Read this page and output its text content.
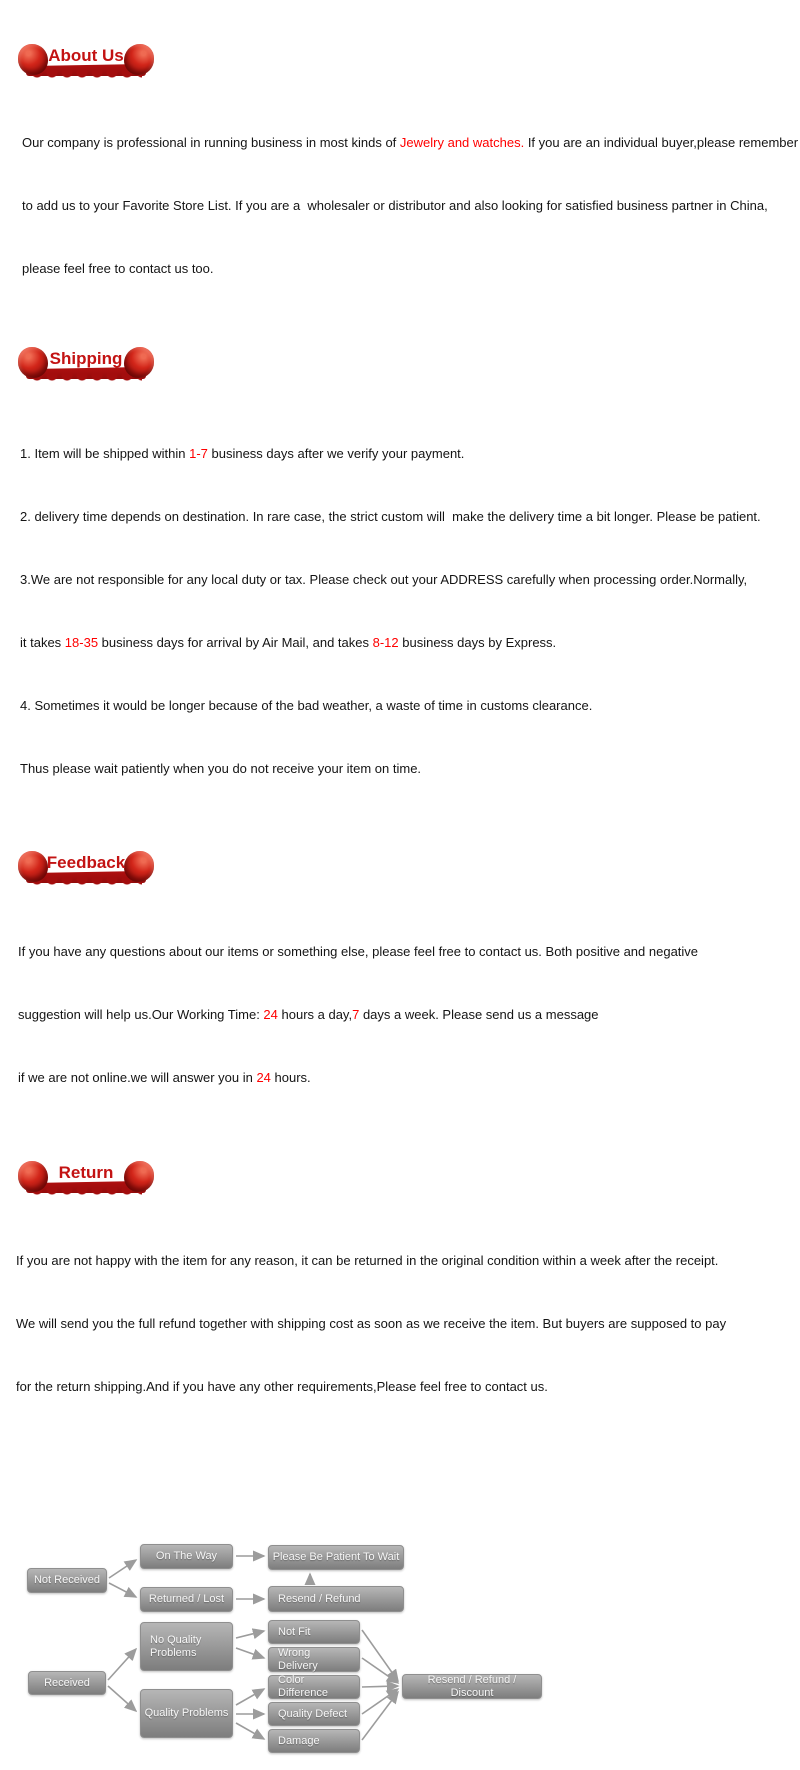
About Us

Our company is professional in running business in most kinds of Jewelry and watches. If you are an individual buyer,please remember

to add us to your Favorite Store List. If you are a  wholesaler or distributor and also looking for satisfied business partner in China,

please feel free to contact us too.

Shipping

1. Item will be shipped within 1-7 business days after we verify your payment.

2. delivery time depends on destination. In rare case, the strict custom will  make the delivery time a bit longer. Please be patient.

3.We are not responsible for any local duty or tax. Please check out your ADDRESS carefully when processing order.Normally,

it takes 18-35 business days for arrival by Air Mail, and takes 8-12 business days by Express.

4. Sometimes it would be longer because of the bad weather, a waste of time in customs clearance.

Thus please wait patiently when you do not receive your item on time.

Feedback

If you have any questions about our items or something else, please feel free to contact us. Both positive and negative

suggestion will help us.Our Working Time: 24 hours a day,7 days a week. Please send us a message

if we are not online.we will answer you in 24 hours.

Return

If you are not happy with the item for any reason, it can be returned in the original condition within a week after the receipt.

We will send you the full refund together with shipping cost as soon as we receive the item. But buyers are supposed to pay

for the return shipping.And if you have any other requirements,Please feel free to contact us.

Not Received
On The Way	Please Be Patient To Wait
Returned / Lost	Resend / Refund
No Quality Problems
Not Fit
Wrong Delivery
Received	Color Difference
Quality Problems	Quality Defect
Damage
Resend / Refund / Discount
